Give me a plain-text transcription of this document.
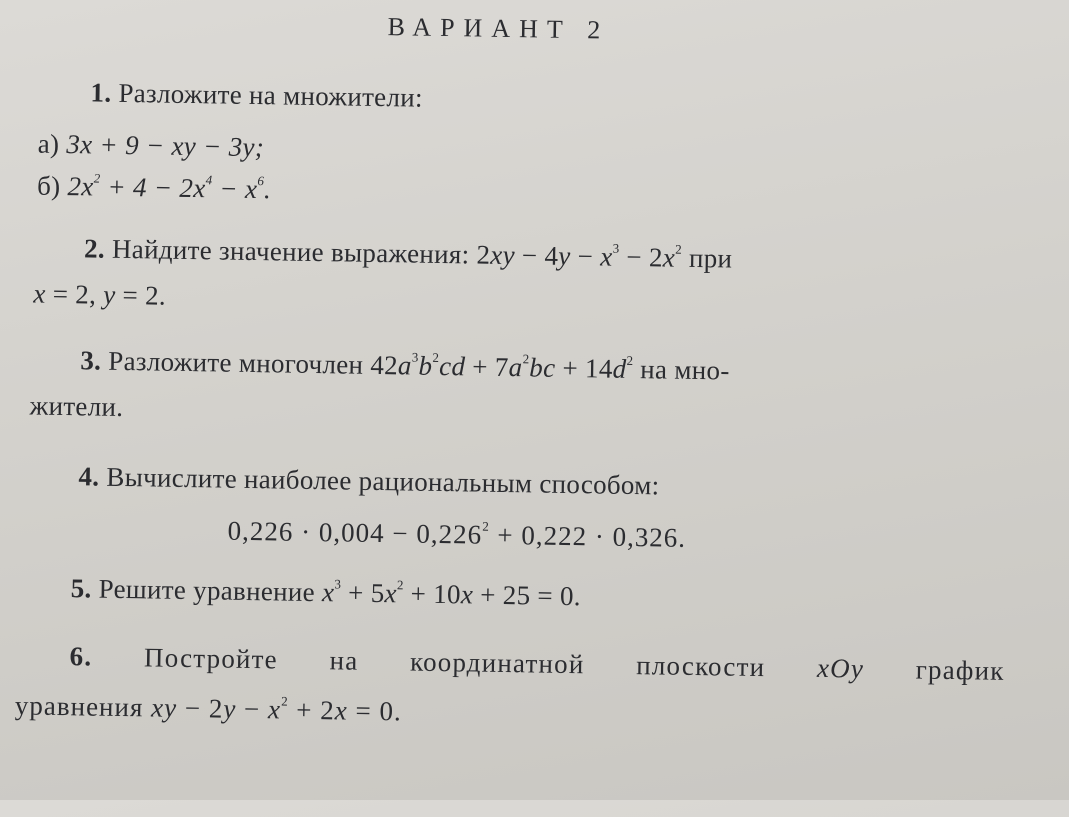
ВАРИАНТ 2
1. Разложите на множители:
а) 3x + 9 − xy − 3y;
б) $2x^2 + 4 - 2x^4 - x^6$.
2. Найдите значение выражения: $2xy - 4y - x^3 - 2x^2$ при
x = 2, y = 2.
3. Разложите многочлен $42a^3b^2cd + 7a^2bc + 14d^2$ на мно-
жители.
4. Вычислите наиболее рациональным способом:
$0,226 \cdot 0,004 - 0,226^2 + 0,222 \cdot 0,326$.
5. Решите уравнение $x^3 + 5x^2 + 10x + 25 = 0$.
6. Постройте на координатной плоскости xOy график
уравнения xy − $2y - x^2 + 2x = 0$.
